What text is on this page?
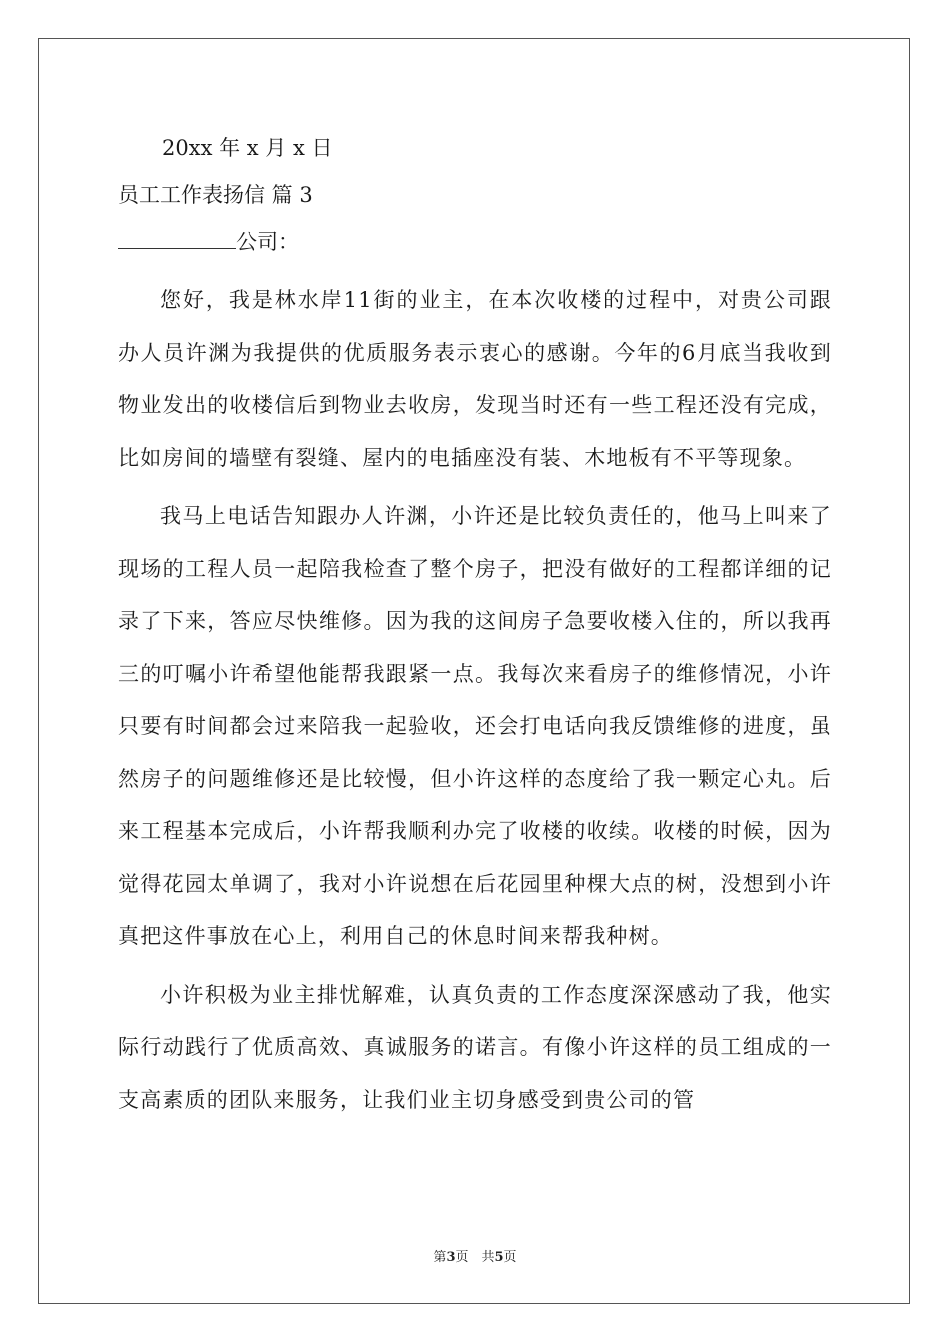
20xx 年 x 月 x 日
员工工作表扬信 篇 3
公司：

您好，我是林水岸11街的业主，在本次收楼的过程中，对贵公司跟办人员许渊为我提供的优质服务表示衷心的感谢。今年的6月底当我收到物业发出的收楼信后到物业去收房，发现当时还有一些工程还没有完成，比如房间的墙壁有裂缝、屋内的电插座没有装、木地板有不平等现象。

我马上电话告知跟办人许渊，小许还是比较负责任的，他马上叫来了现场的工程人员一起陪我检查了整个房子，把没有做好的工程都详细的记录了下来，答应尽快维修。因为我的这间房子急要收楼入住的，所以我再三的叮嘱小许希望他能帮我跟紧一点。我每次来看房子的维修情况，小许只要有时间都会过来陪我一起验收，还会打电话向我反馈维修的进度，虽然房子的问题维修还是比较慢，但小许这样的态度给了我一颗定心丸。后来工程基本完成后，小许帮我顺利办完了收楼的收续。收楼的时候，因为觉得花园太单调了，我对小许说想在后花园里种棵大点的树，没想到小许真把这件事放在心上，利用自己的休息时间来帮我种树。

小许积极为业主排忧解难，认真负责的工作态度深深感动了我，他实际行动践行了优质高效、真诚服务的诺言。有像小许这样的员工组成的一支高素质的团队来服务，让我们业主切身感受到贵公司的管

第3页　共5页
